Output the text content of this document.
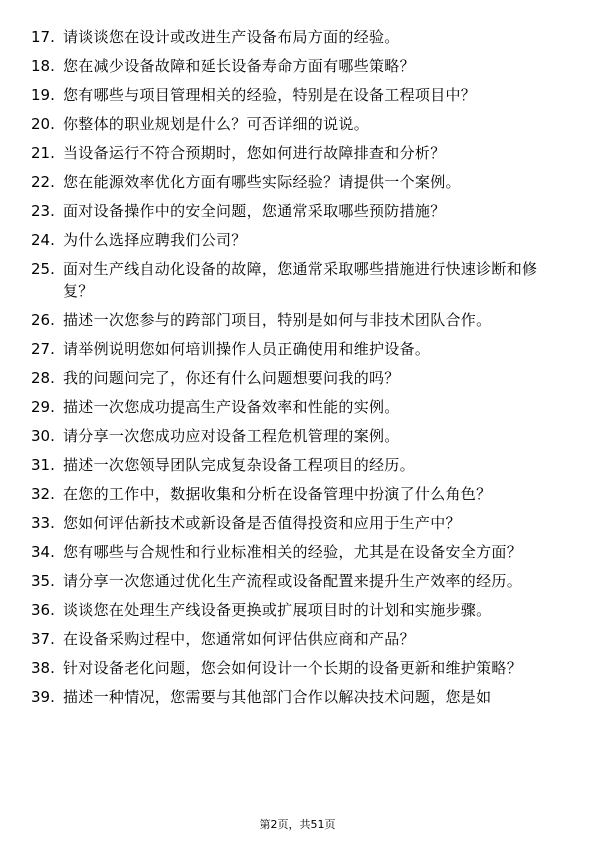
17. 请谈谈您在设计或改进生产设备布局方面的经验。
18. 您在减少设备故障和延长设备寿命方面有哪些策略？
19. 您有哪些与项目管理相关的经验，特别是在设备工程项目中？
20. 你整体的职业规划是什么？可否详细的说说。
21. 当设备运行不符合预期时，您如何进行故障排查和分析？
22. 您在能源效率优化方面有哪些实际经验？请提供一个案例。
23. 面对设备操作中的安全问题，您通常采取哪些预防措施？
24. 为什么选择应聘我们公司？
25. 面对生产线自动化设备的故障，您通常采取哪些措施进行快速诊断和修复？
26. 描述一次您参与的跨部门项目，特别是如何与非技术团队合作。
27. 请举例说明您如何培训操作人员正确使用和维护设备。
28. 我的问题问完了，你还有什么问题想要问我的吗？
29. 描述一次您成功提高生产设备效率和性能的实例。
30. 请分享一次您成功应对设备工程危机管理的案例。
31. 描述一次您领导团队完成复杂设备工程项目的经历。
32. 在您的工作中，数据收集和分析在设备管理中扮演了什么角色？
33. 您如何评估新技术或新设备是否值得投资和应用于生产中？
34. 您有哪些与合规性和行业标准相关的经验，尤其是在设备安全方面？
35. 请分享一次您通过优化生产流程或设备配置来提升生产效率的经历。
36. 谈谈您在处理生产线设备更换或扩展项目时的计划和实施步骤。
37. 在设备采购过程中，您通常如何评估供应商和产品？
38. 针对设备老化问题，您会如何设计一个长期的设备更新和维护策略？
39. 描述一种情况，您需要与其他部门合作以解决技术问题，您是如
第2页，共51页
